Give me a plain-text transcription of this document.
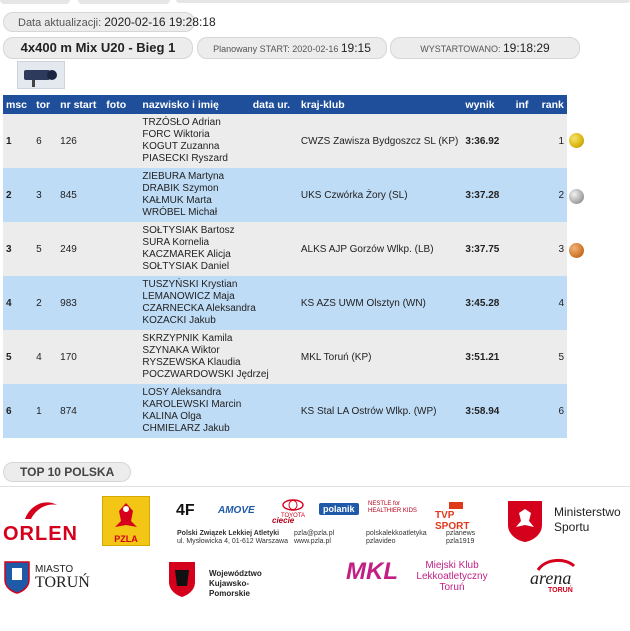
Data aktualizacji: 2020-02-16 19:28:18
4x400 m Mix U20 - Bieg 1	Planowany START: 2020-02-16 19:15	WYSTARTOWANO: 19:18:29
msc	tor	nr start	foto	nazwisko i imię	data ur.	kraj-klub	wynik	inf	rank
1	6	126		TRZÓSŁO Adrian
FORC Wiktoria
KOGUT Zuzanna
PIASECKI Ryszard		CWZS Zawisza Bydgoszcz SL (KP)	3:36.92		1
2	3	845		ZIEBURA Martyna
DRABIK Szymon
KAŁMUK Marta
WRÓBEL Michał		UKS Czwórka Żory (SL)	3:37.28		2
3	5	249		SOŁTYSIAK Bartosz
SURA Kornelia
KACZMAREK Alicja
SOŁTYSIAK Daniel		ALKS AJP Gorzów Wlkp. (LB)	3:37.75		3
4	2	983		TUSZYŃSKI Krystian
LEMANOWICZ Maja
CZARNECKA Aleksandra
KOZACKI Jakub		KS AZS UWM Olsztyn (WN)	3:45.28		4
5	4	170		SKRZYPNIK Kamila
SZYNAKA Wiktor
RYSZEWSKA Klaudia
POCZWARDOWSKI Jędrzej		MKL Toruń (KP)	3:51.21		5
6	1	874		LOSY Aleksandra
KAROLEWSKI Marcin
KALINA Olga
CHMIELARZ Jakub		KS Stal LA Ostrów Wlkp. (WP)	3:58.94		6
TOP 10 POLSKA
ORLEN	PZLA
4F AMOVE	TOYOTA
ciecie
polanik	NESTLE for HEALTHIER KIDS	TVP SPORT
Polski Związek Lekkiej Atletyki
ul. Mysłowicka 4, 01-612 Warszawa
pzla@pzla.pl
www.pzla.pl
polskalekkoatletyka
pzlavideo
pzlanews
pzla1919
Ministerstwo
Sportu
MIASTO
TORUŃ
Województwo
Kujawsko-Pomorskie
MKL	Miejski Klub
Lekkoatletyczny
Toruń	arena
TORUŃ
